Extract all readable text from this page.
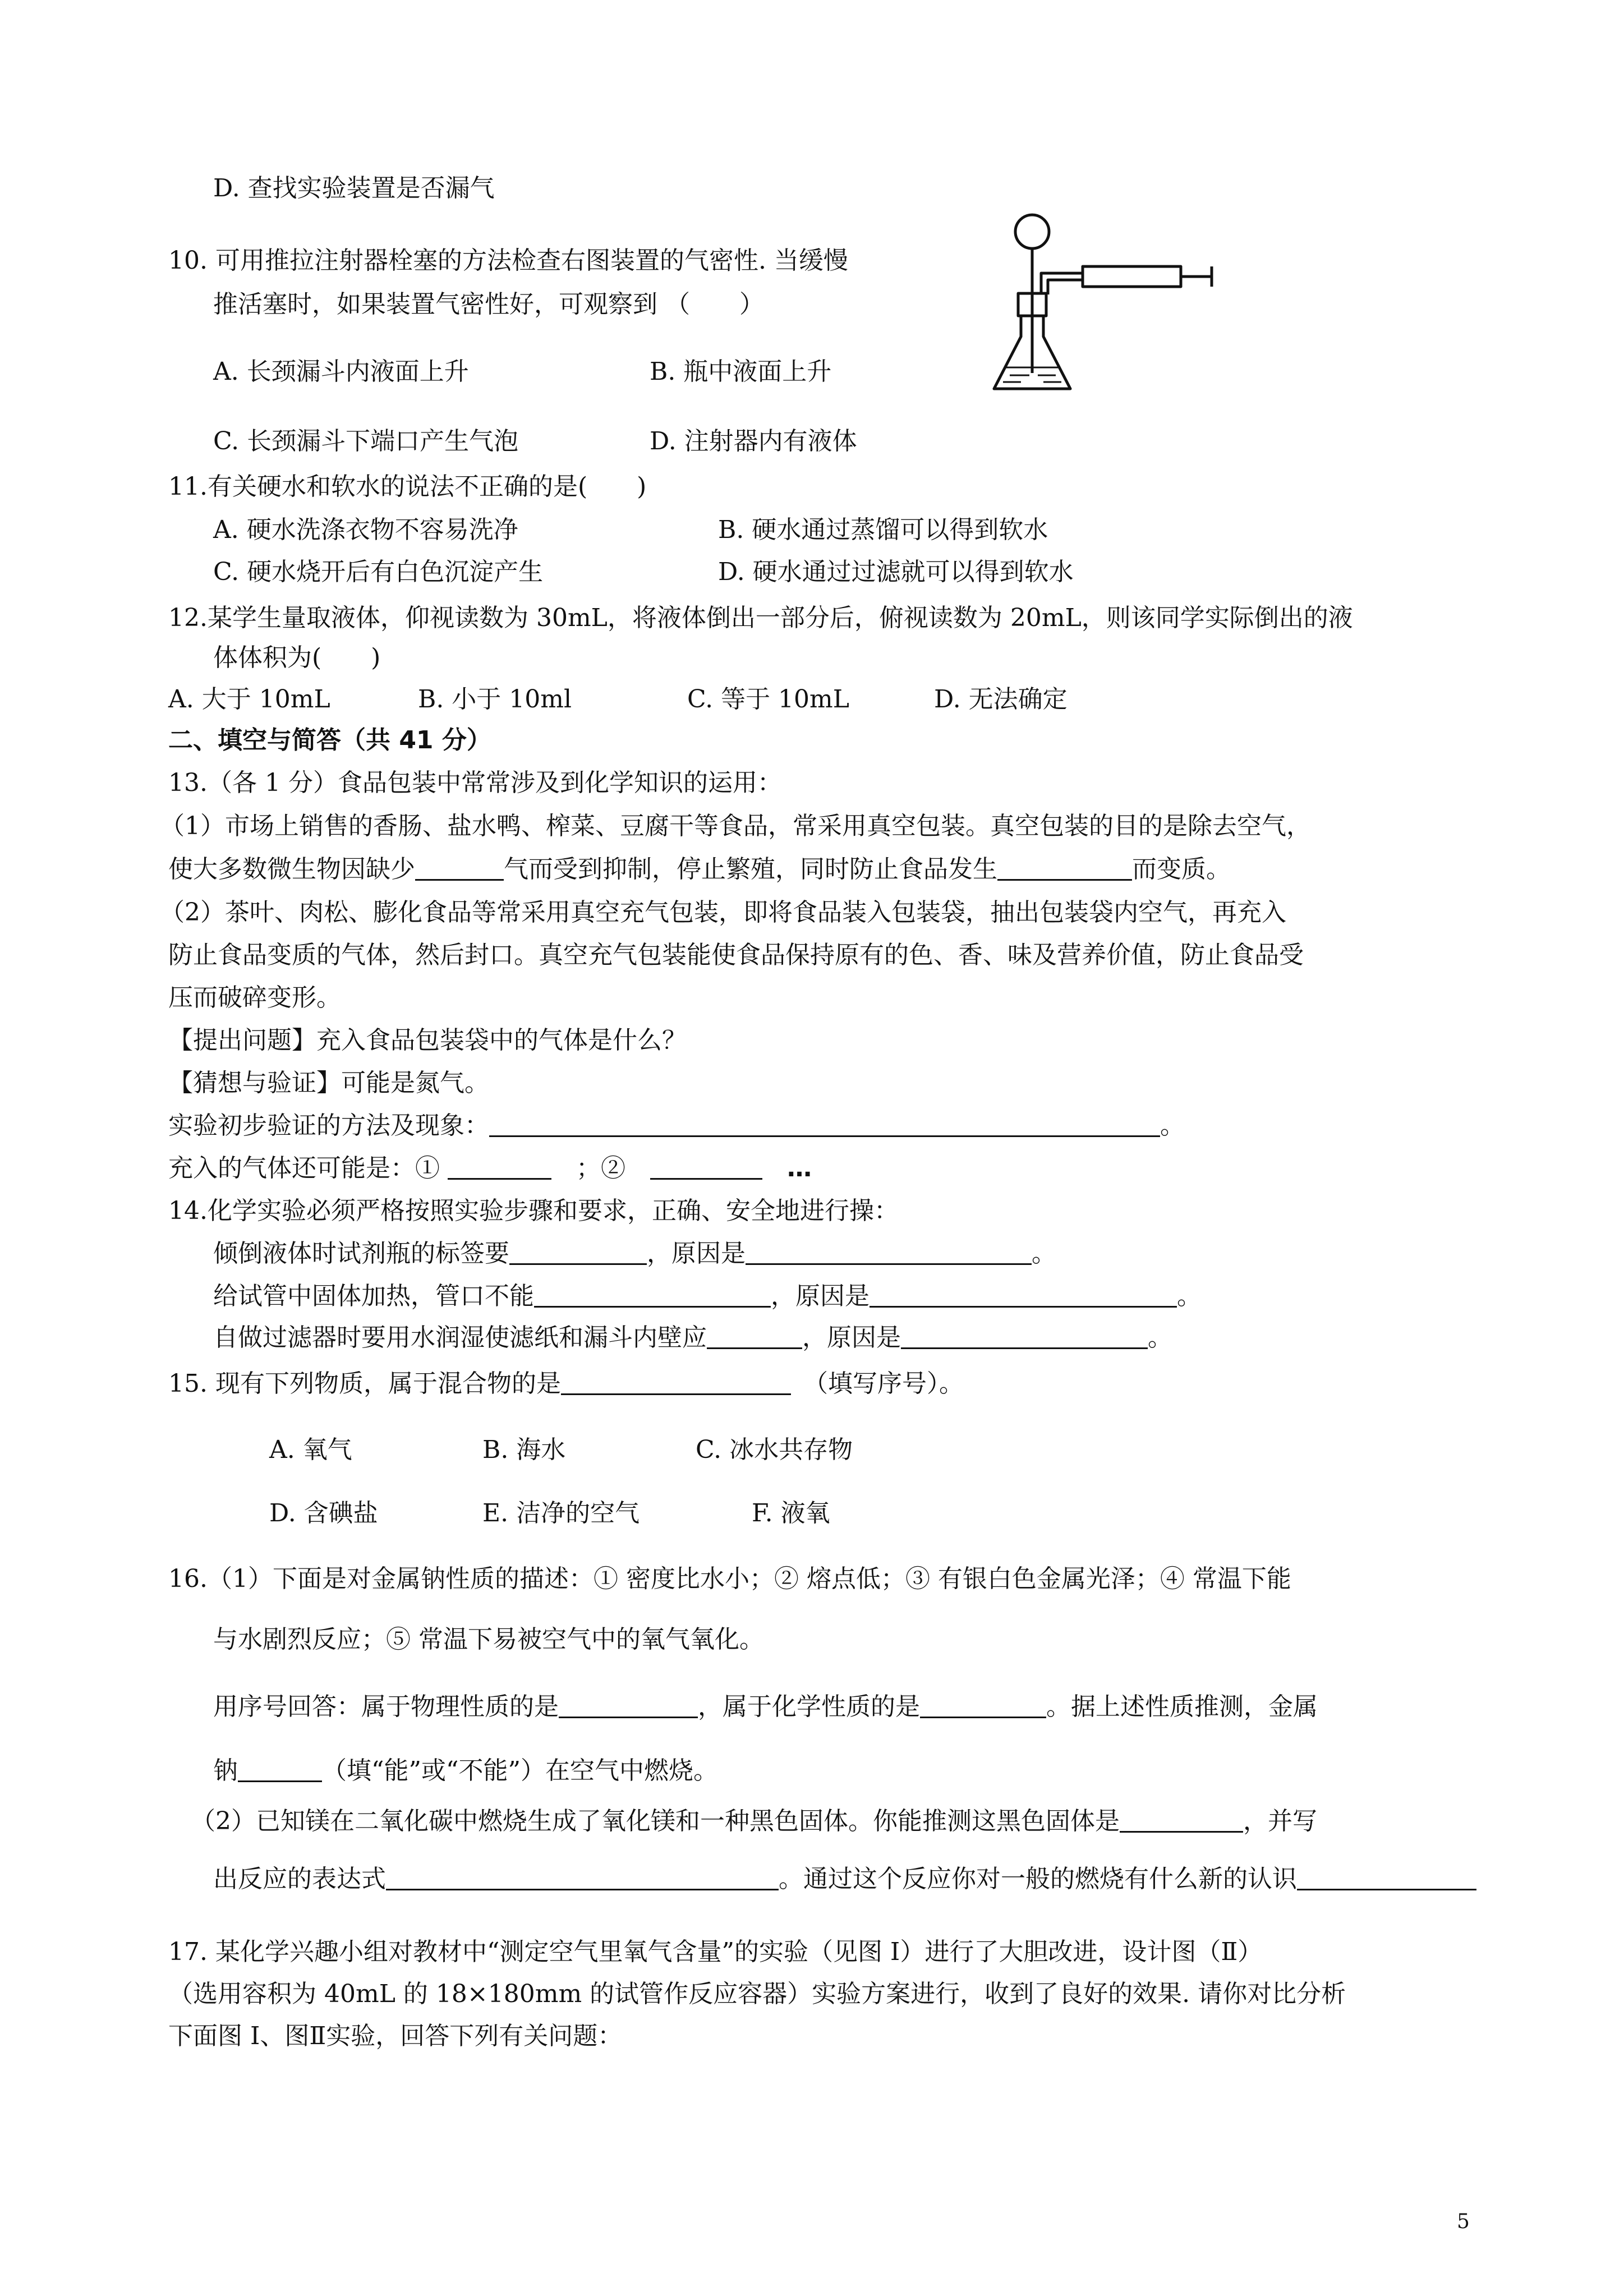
D. 查找实验装置是否漏气
10. 可用推拉注射器栓塞的方法检查右图装置的气密性. 当缓慢
推活塞时，如果装置气密性好，可观察到 （　　）
A. 长颈漏斗内液面上升	B. 瓶中液面上升
C. 长颈漏斗下端口产生气泡	D. 注射器内有液体
11.有关硬水和软水的说法不正确的是(　　)
A. 硬水洗涤衣物不容易洗净	B. 硬水通过蒸馏可以得到软水
C. 硬水烧开后有白色沉淀产生	D. 硬水通过过滤就可以得到软水
12.某学生量取液体，仰视读数为 30mL，将液体倒出一部分后，俯视读数为 20mL，则该同学实际倒出的液
体体积为(　　)
A. 大于 10mL	B. 小于 10ml	C. 等于 10mL	D. 无法确定
二、填空与简答（共 41 分）
13.（各 1 分）食品包装中常常涉及到化学知识的运用：
（1）市场上销售的香肠、盐水鸭、榨菜、豆腐干等食品，常采用真空包装。真空包装的目的是除去空气，
使大多数微生物因缺少	气而受到抑制，停止繁殖，同时防止食品发生	而变质。
（2）茶叶、肉松、膨化食品等常采用真空充气包装，即将食品装入包装袋，抽出包装袋内空气，再充入
防止食品变质的气体，然后封口。真空充气包装能使食品保持原有的色、香、味及营养价值，防止食品受
压而破碎变形。
【提出问题】充入食品包装袋中的气体是什么？
【猜想与验证】可能是氮气。
实验初步验证的方法及现象：	。
充入的气体还可能是：① 　	；②　　	…
14.化学实验必须严格按照实验步骤和要求，正确、安全地进行操：
倾倒液体时试剂瓶的标签要	，原因是	。
给试管中固体加热，管口不能	，原因是	。
自做过滤器时要用水润湿使滤纸和漏斗内壁应	，原因是	。
15. 现有下列物质，属于混合物的是　	（填写序号）。
A. 氧气	B. 海水	C. 冰水共存物
D. 含碘盐	E. 洁净的空气	F. 液氧
16.（1）下面是对金属钠性质的描述：① 密度比水小；② 熔点低；③ 有银白色金属光泽；④ 常温下能
与水剧烈反应；⑤ 常温下易被空气中的氧气氧化。
用序号回答：属于物理性质的是	，属于化学性质的是	。据上述性质推测，金属
钠	（填“能”或“不能”）在空气中燃烧。
（2）已知镁在二氧化碳中燃烧生成了氧化镁和一种黑色固体。你能推测这黑色固体是	，并写
出反应的表达式	。通过这个反应你对一般的燃烧有什么新的认识
17. 某化学兴趣小组对教材中“测定空气里氧气含量”的实验（见图 I）进行了大胆改进，设计图（Ⅱ）
（选用容积为 40mL 的 18×180mm 的试管作反应容器）实验方案进行，收到了良好的效果. 请你对比分析
下面图 I、图Ⅱ实验，回答下列有关问题：
5
